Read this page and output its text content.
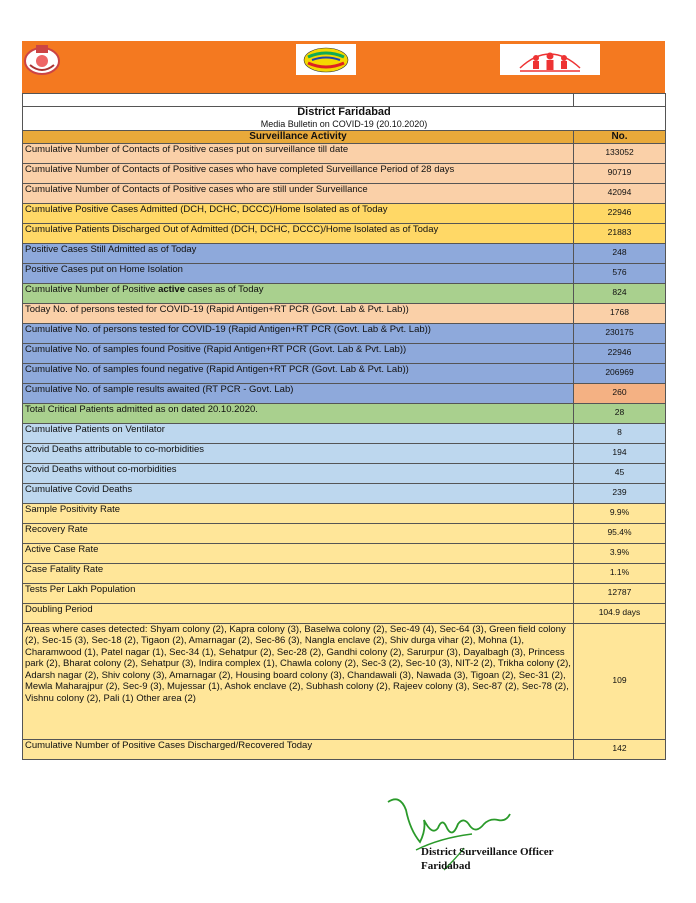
District Faridabad	
Media Bulletin on COVID-19 (20.10.2020)	
Surveillance Activity	No.
Cumulative Number of Contacts of Positive cases put on surveillance till date	133052
Cumulative Number of Contacts of Positive cases who have completed Surveillance Period of 28 days	90719
Cumulative Number of Contacts of Positive cases who are still under Surveillance	42094
Cumulative Positive Cases Admitted (DCH, DCHC, DCCC)/Home Isolated as of Today	22946
Cumulative Patients Discharged Out of Admitted (DCH, DCHC, DCCC)/Home Isolated as of Today	21883
Positive Cases Still Admitted as of Today	248
Positive Cases put on Home Isolation	576
Cumulative Number of Positive active cases as of Today	824
Today No. of persons tested for COVID-19 (Rapid Antigen+RT PCR (Govt. Lab & Pvt. Lab))	1768
Cumulative No. of persons tested for COVID-19 (Rapid Antigen+RT PCR (Govt. Lab & Pvt. Lab))	230175
Cumulative No. of samples found Positive (Rapid Antigen+RT PCR (Govt. Lab & Pvt. Lab))	22946
Cumulative No. of samples found negative (Rapid Antigen+RT PCR (Govt. Lab & Pvt. Lab))	206969
Cumulative No. of sample results awaited (RT PCR - Govt. Lab)	260
Total Critical Patients admitted as on dated 20.10.2020.	28
Cumulative Patients on Ventilator	8
Covid Deaths attributable to co-morbidities	194
Covid Deaths without co-morbidities	45
Cumulative Covid Deaths	239
Sample Positivity Rate	9.9%
Recovery Rate	95.4%
Active Case Rate	3.9%
Case Fatality Rate	1.1%
Tests Per Lakh Population	12787
Doubling Period	104.9 days
Areas where cases detected: Shyam colony (2), Kapra colony (3), Baselwa colony (2), Sec-49 (4), Sec-64 (3), Green field colony (2), Sec-15 (3), Sec-18 (2), Tigaon (2), Amarnagar (2), Sec-86 (3), Nangla enclave (2), Shiv durga vihar (2), Mohna (1), Charamwood (1), Patel nagar (1), Sec-34 (1), Sehatpur (2), Sec-28 (2), Gandhi colony (2), Sarurpur (3), Dayalbagh (3), Princess park (2), Bharat colony (2), Sehatpur (3), Indira complex (1), Chawla colony (2), Sec-3 (2), Sec-10 (3), NIT-2 (2), Trikha colony (2), Adarsh nagar (2), Shiv colony (3), Amarnagar (2), Housing board colony (3), Chandawali (3), Nawada (3), Tigoan (2), Sec-31 (2), Mewla Maharajpur (2), Sec-9 (3), Mujessar (1), Ashok enclave (2), Subhash colony (2), Rajeev colony (3), Sec-87 (2), Sec-78 (2), Vishnu colony (2), Pali (1) Other area (2)	109
Cumulative Number of Positive Cases Discharged/Recovered Today	142
District Surveillance Officer
Faridabad
